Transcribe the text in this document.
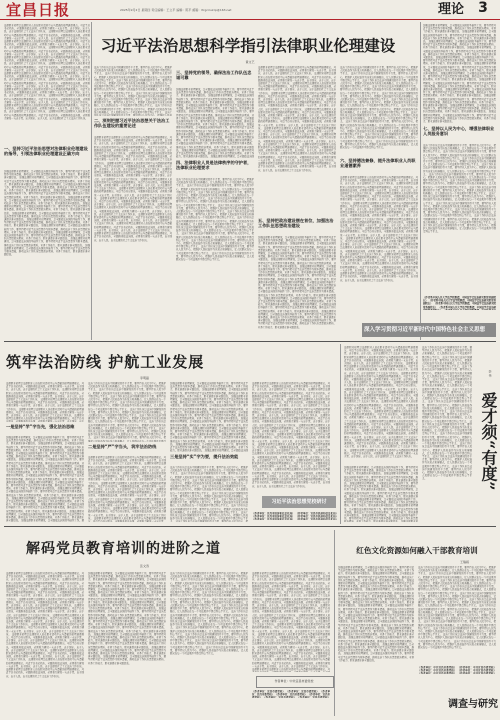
宜昌日报	2025年9月2日 星期四 责任编辑：王立平 编辑：陈平 邮箱：ltrgcriukrp@163.net	理论	3
法律职业伦理是法律职业人员在职业活动中应当遵循的伦理道德规范。习近平总书记指出，全面推进依法治国，必须着力建设一支忠于党、忠于国家、忠于人民、忠于法律的社会主义法治工作队伍。 法律职业伦理是法律职业人员在职业活动中应当遵循的伦理道德规范。习近平总书记指出，全面推进依法治国，必须着力建设一支忠于党、忠于国家、忠于人民、忠于法律的社会主义法治工作队伍。 法律职业伦理是法律职业人员在职业活动中应当遵循的伦理道德规范。习近平总书记指出，全面推进依法治国，必须着力建设一支忠于党、忠于国家、忠于人民、忠于法律的社会主义法治工作队伍。 法律职业伦理是法律职业人员在职业活动中应当遵循的伦理道德规范。习近平总书记指出，全面推进依法治国，必须着力建设一支忠于党、忠于国家、忠于人民、忠于法律的社会主义法治工作队伍。 法律职业伦理是法律职业人员在职业活动中应当遵循的伦理道德规范。习近平总书记指出，全面推进依法治国，必须着力建设一支忠于党、忠于国家、忠于人民、忠于法律的社会主义法治工作队伍。 法律职业伦理是法律职业人员在职业活动中应当遵循的伦理道德规范。习近平总书记指出，全面推进依法治国，必须着力建设一支忠于党、忠于国家、忠于人民、忠于法律的社会主义法治工作队伍。 法律职业伦理是法律职业人员在职业活动中应当遵循的伦理道德规范。习近平总书记指出，全面推进依法治国，必须着力建设一支忠于党、忠于国家、忠于人民、忠于法律的社会主义法治工作队伍。 法律职业伦理是法律职业人员在职业活动中应当遵循的伦理道德规范。习近平总书记指出，全面推进依法治国，必须着力建设一支忠于党、忠于国家、忠于人民、忠于法律的社会主义法治工作队伍。 法律职业伦理是法律职业人员在职业活动中应当遵循的伦理道德规范。习近平总书记指出，全面推进依法治国，必须着力建设一支忠于党、忠于国家、忠于人民、忠于法律的社会主义法治工作队伍。 法律职业伦理是法律职业人员在职业活动中应当遵循的伦理道德规范。习近平总书记指出，全面推进依法治国，必须着力建设一支忠于党、忠于国家、忠于人民、忠于法律的社会主义法治工作队伍。 法律职业伦理是法律职业人员在职业活动中应当遵循的伦理道德规范。习近平总书记指出，全面推进依法治国，必须着力建设一支忠于党、忠于国家、忠于人民、忠于法律的社会主义法治工作队伍。 法律职业伦理是法律职业人员在职业活动中应当遵循的伦理道德规范。习近平总书记指出，全面推进依法治国，必须着力建设一支忠于党、忠于国家、忠于人民、忠于法律的社会主义法治工作队伍。
一、坚持习近平法治思想对法律职业伦理建设的指导，引领法律职业伦理建设正确方向
加强法律职业伦理建设，是全面依法治国的基础性工作，要坚持把习近平法治思想作为根本遵循，推动法治工作队伍思想政治素质、业务工作能力、职业道德水准全面提高。 加强法律职业伦理建设，是全面依法治国的基础性工作，要坚持把习近平法治思想作为根本遵循，推动法治工作队伍思想政治素质、业务工作能力、职业道德水准全面提高。 加强法律职业伦理建设，是全面依法治国的基础性工作，要坚持把习近平法治思想作为根本遵循，推动法治工作队伍思想政治素质、业务工作能力、职业道德水准全面提高。 加强法律职业伦理建设，是全面依法治国的基础性工作，要坚持把习近平法治思想作为根本遵循，推动法治工作队伍思想政治素质、业务工作能力、职业道德水准全面提高。 加强法律职业伦理建设，是全面依法治国的基础性工作，要坚持把习近平法治思想作为根本遵循，推动法治工作队伍思想政治素质、业务工作能力、职业道德水准全面提高。 加强法律职业伦理建设，是全面依法治国的基础性工作，要坚持把习近平法治思想作为根本遵循，推动法治工作队伍思想政治素质、业务工作能力、职业道德水准全面提高。 加强法律职业伦理建设，是全面依法治国的基础性工作，要坚持把习近平法治思想作为根本遵循，推动法治工作队伍思想政治素质、业务工作能力、职业道德水准全面提高。 加强法律职业伦理建设，是全面依法治国的基础性工作，要坚持把习近平法治思想作为根本遵循，推动法治工作队伍思想政治素质、业务工作能力、职业道德水准全面提高。 加强法律职业伦理建设，是全面依法治国的基础性工作，要坚持把习近平法治思想作为根本遵循，推动法治工作队伍思想政治素质、业务工作能力、职业道德水准全面提高。 加强法律职业伦理建设，是全面依法治国的基础性工作，要坚持把习近平法治思想作为根本遵循，推动法治工作队伍思想政治素质、业务工作能力、职业道德水准全面提高。 加强法律职业伦理建设，是全面依法治国的基础性工作，要坚持把习近平法治思想作为根本遵循，推动法治工作队伍思想政治素质、业务工作能力、职业道德水准全面提高。 加强法律职业伦理建设，是全面依法治国的基础性工作，要坚持把习近平法治思想作为根本遵循，推动法治工作队伍思想政治素质、业务工作能力、职业道德水准全面提高。
习近平法治思想科学指引法律职业伦理建设
黄文艺
法治工作队伍是法治中国建设的骨干力量，要坚持以人民为中心，把维护人民权益作为出发点和落脚点，让人民群众在每一个司法案件中感受到公平正义。 法治工作队伍是法治中国建设的骨干力量，要坚持以人民为中心，把维护人民权益作为出发点和落脚点，让人民群众在每一个司法案件中感受到公平正义。 法治工作队伍是法治中国建设的骨干力量，要坚持以人民为中心，把维护人民权益作为出发点和落脚点，让人民群众在每一个司法案件中感受到公平正义。 法治工作队伍是法治中国建设的骨干力量，要坚持以人民为中心，把维护人民权益作为出发点和落脚点，让人民群众在每一个司法案件中感受到公平正义。 法治工作队伍是法治中国建设的骨干力量，要坚持以人民为中心，把维护人民权益作为出发点和落脚点，让人民群众在每一个司法案件中感受到公平正义。 法治工作队伍是法治中国建设的骨干力量，要坚持以人民为中心，把维护人民权益作为出发点和落脚点，让人民群众在每一个司法案件中感受到公平正义。 法治工作队伍是法治中国建设的骨干力量，要坚持以人民为中心，把维护人民权益作为出发点和落脚点，让人民群众在每一个司法案件中感受到公平正义。 法治工作队伍是法治中国建设的骨干力量，要坚持以人民为中心，把维护人民权
二、深刻把握习近平法治思想关于法治工作队伍建设的重要论述
法律职业伦理是法律职业人员在职业活动中应当遵循的伦理道德规范。习近平总书记指出，全面推进依法治国，必须着力建设一支忠于党、忠于国家、忠于人民、忠于法律的社会主义法治工作队伍。 法律职业伦理是法律职业人员在职业活动中应当遵循的伦理道德规范。习近平总书记指出，全面推进依法治国，必须着力建设一支忠于党、忠于国家、忠于人民、忠于法律的社会主义法治工作队伍。 法律职业伦理是法律职业人员在职业活动中应当遵循的伦理道德规范。习近平总书记指出，全面推进依法治国，必须着力建设一支忠于党、忠于国家、忠于人民、忠于法律的社会主义法治工作队伍。 法律职业伦理是法律职业人员在职业活动中应当遵循的伦理道德规范。习近平总书记指出，全面推进依法治国，必须着力建设一支忠于党、忠于国家、忠于人民、忠于法律的社会主义法治工作队伍。 法律职业伦理是法律职业人员在职业活动中应当遵循的伦理道德规范。习近平总书记指出，全面推进依法治国，必须着力建设一支忠于党、忠于国家、忠于人民、忠于法律的社会主义法治工作队伍。 法律职业伦理是法律职业人员在职业活动中应当遵循的伦理道德规范。习近平总书记指出，全面推进依法治国，必须着力建设一支忠于党、忠于国家、忠于人民、忠于法律的社会主义法治工作队伍。 法律职业伦理是法律职业人员在职业活动中应当遵循的伦理道德规范。习近平总书记指出，全面推进依法治国，必须着力建设一支忠于党、忠于国家、忠于人民、忠于法律的社会主义法治工作队伍。 法律职业伦理是法律职业人员在职业活动中应当遵循的伦理道德规范。习近平总书记指出，全面推进依法治国，必须着力建设一支忠于党、忠于国家、忠于人民、忠于法律的社会主义法治工作队伍。 法律职业伦理是法律职业人员在职业活动中应当遵循的伦理道德规范。习近平总书记指出，全面推进依法治国，必须着力建设一支忠于党、忠于国家、忠于人民、忠于法律的社会主义法治工作队伍。 法律职业伦理是法律职业人员在职业活动中应当遵循的伦理道德规范。习近平总书记指出，全面推进依法治国，必须着力建设一支忠于党、忠于国家、忠于人民、忠于法律的社会主义法治工作队伍。 法律职业伦理是法律职业人员在职业活动中应当遵循的伦理道德规范。习近平总书记指出，全面推进依法治国，必须着力建设一支忠于党、忠于国家、忠于人民、忠于法律的社会主义法治工作队伍。 法律职业伦理是法律职业人员在职业活动中应当遵循的伦理道德规范。习近平总书记指出，全面推进依法治国，必须着力建设一支忠于党、忠于国家、忠于人民、忠于法律的社会主义法治工作队伍。
三、坚持党的领导，确保法治工作队伍忠诚可靠
加强法律职业伦理建设，是全面依法治国的基础性工作，要坚持把习近平法治思想作为根本遵循，推动法治工作队伍思想政治素质、业务工作能力、职业道德水准全面提高。 加强法律职业伦理建设，是全面依法治国的基础性工作，要坚持把习近平法治思想作为根本遵循，推动法治工作队伍思想政治素质、业务工作能力、职业道德水准全面提高。 加强法律职业伦理建设，是全面依法治国的基础性工作，要坚持把习近平法治思想作为根本遵循，推动法治工作队伍思想政治素质、业务工作能力、职业道德水准全面提高。 加强法律职业伦理建设，是全面依法治国的基础性工作，要坚持把习近平法治思想作为根本遵循，推动法治工作队伍思想政治素质、业务工作能力、职业道德水准全面提高。 加强法律职业伦理建设，是全面依法治国的基础性工作，要坚持把习近平法治思想作为根本遵循，推动法治工作队伍思想政治素质、业务工作能力、职业道德水准全面提高。 加强法律职业伦理建设，是全面依法治国的基础性工作，要坚持把习近平法治思想作为根本遵循，推动法治工作队伍思想政治素质、业务工作能力、职业道德水准全面提高。 加强法律职业伦理建设，是全面依法治国的基础性工作，要坚持把习近平法治思想作为根本遵循，推动法治工作队伍思想政治素质、业务工作能力、职业道德水准全面提高。 加强法律职业伦理建设，是全面依法治国的基础性工作，要坚持把习近平法治思想作为根本遵循，推动法治工作队伍思想政治素质、业务工作能力、职业道德水准全面提高。 加强法律职业伦理建设，是全面依法治国的基础性工作，要坚持把习近平法治思想作为根本遵循，推动法治工作队伍思想政治素质、业务工作能力、职业道德水准全面提高。 加强法律职业伦理建设，是全面依法治国
四、法律职业人员是法律秩序的守护者，法律职业伦理要求
法治工作队伍是法治中国建设的骨干力量，要坚持以人民为中心，把维护人民权益作为出发点和落脚点，让人民群众在每一个司法案件中感受到公平正义。 法治工作队伍是法治中国建设的骨干力量，要坚持以人民为中心，把维护人民权益作为出发点和落脚点，让人民群众在每一个司法案件中感受到公平正义。 法治工作队伍是法治中国建设的骨干力量，要坚持以人民为中心，把维护人民权益作为出发点和落脚点，让人民群众在每一个司法案件中感受到公平正义。 法治工作队伍是法治中国建设的骨干力量，要坚持以人民为中心，把维护人民权益作为出发点和落脚点，让人民群众在每一个司法案件中感受到公平正义。 法治工作队伍是法治中国建设的骨干力量，要坚持以人民为中心，把维护人民权益作为出发点和落脚点，让人民群众在每一个司法案件中感受到公平正义。 法治工作队伍是法治中国建设的骨干力量，要坚持以人民为中心，把维护人民权益作为出发点和落脚点，让人民群众在每一个司法案件中感受到公平正义。 法治工作队伍是法治中国建设的骨干力量，要坚持以人民为中心，把维护人民权益作为出发点和落脚点，让人民群众在每一个司法案件中感受到公平正义。 法治工作队伍是法治中国建设的骨干力量，要坚持以人民为中心，把维护人民权益作为出发点和落脚点，让人民群众在每一个司法案件中感受到公平正义。 法治工作队伍是法治中国建设的骨干力量，要坚持以人民为中心，把维护人民权益作为出发点和落脚点，让人民群众在每一个司法案件中感受到公平正义。 法治工作队伍是法治中国建设的骨干力量，要坚持以人民为中心，把维护人民权益作为出发点和落脚点，让人民群众在每一个司法案件中感受到公平正义。 法治工作队伍是法治中国建设的骨干力量，要坚持以人民为中心，把维护人民权益作为出发点和落脚点，让人民群众在每一个司法案件中感受到公平正义。 法治工作队伍是法治中国建设的骨干力量，要坚持以人民为中心，把维护人民权益作为出发点和落脚点，让人民群众在每一个司法案件中感受到公平正义。
法律职业伦理是法律职业人员在职业活动中应当遵循的伦理道德规范。习近平总书记指出，全面推进依法治国，必须着力建设一支忠于党、忠于国家、忠于人民、忠于法律的社会主义法治工作队伍。 法律职业伦理是法律职业人员在职业活动中应当遵循的伦理道德规范。习近平总书记指出，全面推进依法治国，必须着力建设一支忠于党、忠于国家、忠于人民、忠于法律的社会主义法治工作队伍。 法律职业伦理是法律职业人员在职业活动中应当遵循的伦理道德规范。习近平总书记指出，全面推进依法治国，必须着力建设一支忠于党、忠于国家、忠于人民、忠于法律的社会主义法治工作队伍。 法律职业伦理是法律职业人员在职业活动中应当遵循的伦理道德规范。习近平总书记指出，全面推进依法治国，必须着力建设一支忠于党、忠于国家、忠于人民、忠于法律的社会主义法治工作队伍。 法律职业伦理是法律职业人员在职业活动中应当遵循的伦理道德规范。习近平总书记指出，全面推进依法治国，必须着力建设一支忠于党、忠于国家、忠于人民、忠于法律的社会主义法治工作队伍。 法律职业伦理是法律职业人员在职业活动中应当遵循的伦理道德规范。习近平总书记指出，全面推进依法治国，必须着力建设一支忠于党、忠于国家、忠于人民、忠于法律的社会主义法治工作队伍。 法律职业伦理是法律职业人员在职业活动中应当遵循的伦理道德规范。习近平总书记指出，全面推进依法治国，必须着力建设一支忠于党、忠于国家、忠于人民、忠于法律的社会主义法治工作队伍。 法律职业伦理是法律职业人员在职业活动中应当遵循的伦理道德规范。习近平总书记指出，全面推进依法治国，必须着力建设一支忠于党、忠于国家、忠于人民、忠于法律的社会主义法治工作队伍。 法律职业伦理是法律职业人员在职业活动中应当遵循的伦理道德规范。习近平总书记指出，全面推进依法治国，必须着力建设一支忠于党、忠于国家、忠于人民、忠于法律的社会主义法治工作队伍。 法律职业伦理是法律职业人员在职业活动中应当遵循的伦理道德规范。习近平总书记指出，全面推进依法治国，必须着力建设一支忠于党、忠于国家、忠于人民、忠于法律的社会主义法治工作队伍。 法律职业伦理是法律职业人员在职业活动中应当遵循的伦理道德规范。习近平总书记指出，全面推进依法治国，必须着力建设一支忠于党、忠于国家、忠于人民、忠于法律的社会主义法治工作队伍。 法律职业伦理是法律职业人员在职业活动中应当遵循的伦理道德规范。习近平总书记指出，全面推进依法治国，必须着力建设一支忠于党、忠于国家、忠于人民、忠于法律的社会主义法治工作队伍。
五、坚持把政治建设摆在首位，加强法治工作队伍思想政治建设
加强法律职业伦理建设，是全面依法治国的基础性工作，要坚持把习近平法治思想作为根本遵循，推动法治工作队伍思想政治素质、业务工作能力、职业道德水准全面提高。 加强法律职业伦理建设，是全面依法治国的基础性工作，要坚持把习近平法治思想作为根本遵循，推动法治工作队伍思想政治素质、业务工作能力、职业道德水准全面提高。 加强法律职业伦理建设，是全面依法治国的基础性工作，要坚持把习近平法治思想作为根本遵循，推动法治工作队伍思想政治素质、业务工作能力、职业道德水准全面提高。 加强法律职业伦理建设，是全面依法治国的基础性工作，要坚持把习近平法治思想作为根本遵循，推动法治工作队伍思想政治素质、业务工作能力、职业道德水准全面提高。 加强法律职业伦理建设，是全面依法治国的基础性工作，要坚持把习近平法治思想作为根本遵循，推动法治工作队伍思想政治素质、业务工作能力、职业道德水准全面提高。 加强法律职业伦理建设，是全面依法治国的基础性工作，要坚持把习近平法治思想作为根本遵循，推动法治工作队伍思想政治素质、业务工作能力、职业道德水准全面提高。 加强法律职业伦理建设，是全面依法治国的基础性工作，要坚持把习近平法治思想作为根本遵循，推动法治工作队伍思想政治素质、业务工作能力、职业道德水准全面提高。 加强法律职业伦理建设，是全面依法治国的基础性工作，要坚持把习近平法治思想作为根本遵循，推动法治工作队伍思想政治素质、业务工作能力、职业道德水准全面提高。 加强法律职业伦理建设，是全面依法治国的基础性工作，要坚持把习近平法治思想作为根本遵循，推动法治工作队伍思想政治素质、业务工作能力、职业道德水准全面提高。 加强法律职业伦理建设，是全面依法治国的基础性工作，要坚持把习近平法治思想作为根本遵循，推动法治工作队伍思想政治素质、业务工作能力、职业道德水准全面提高。 加强法律职业伦理建设，是全面依法治国的基础性工作，要坚持把习近平法治思想作为根本遵循，推动法治工作队伍思想政治素质、业务工作能力、职业道德水准全面提高。 加强法律职业伦理建设，是全面依法治国的基础性工作，要坚持把习近平法治思想作为根本遵循，推动法治工作队伍思想政治素质、业务工作能力、职业道德水准全面提高。
法治工作队伍是法治中国建设的骨干力量，要坚持以人民为中心，把维护人民权益作为出发点和落脚点，让人民群众在每一个司法案件中感受到公平正义。 法治工作队伍是法治中国建设的骨干力量，要坚持以人民为中心，把维护人民权益作为出发点和落脚点，让人民群众在每一个司法案件中感受到公平正义。 法治工作队伍是法治中国建设的骨干力量，要坚持以人民为中心，把维护人民权益作为出发点和落脚点，让人民群众在每一个司法案件中感受到公平正义。 法治工作队伍是法治中国建设的骨干力量，要坚持以人民为中心，把维护人民权益作为出发点和落脚点，让人民群众在每一个司法案件中感受到公平正义。 法治工作队伍是法治中国建设的骨干力量，要坚持以人民为中心，把维护人民权益作为出发点和落脚点，让人民群众在每一个司法案件中感受到公平正义。 法治工作队伍是法治中国建设的骨干力量，要坚持以人民为中心，把维护人民权益作为出发点和落脚点，让人民群众在每一个司法案件中感受到公平正义。 法治工作队伍是法治中国建设的骨干力量，要坚持以人民为中心，把维护人民权益作为出发点和落脚点，让人民群众在每一个司法案件中感受到公平正义。 法治工作队伍是法治中国建设的骨干力量，要坚持以人民为中心，把维护人民权益作为出发点和落脚点，让人民群众在每一个司法案件中感受到公平正义。 法治工作队伍是法治中国建设的骨干力量，要坚持以人民为中心，把维护人民权益作为出发点和落脚点，让人民群众在每一个司法案件中感受到公平正义。 法治工作队伍是法治中国建设的骨干力量，要坚持以人民为中心，把维护人民权益作为出发点和落脚点，让人民群众在每一个司法案件中感受到公平正义。 法治工作队伍是法治中国建设的骨干力量，要坚持以人民为中心，把维护人民权益作为出发点和落脚点，让人民群众在每一个司法案件中感受到公平正义。 法治工作队伍是法治中国建设的骨干力量，要坚持以人民为中心，把维护人民权益作为出发点和落脚点，让人民群众在每一个司法案件中感受到公平正义。
六、坚持德法兼修，提升法律职业人员职业道德素养
法律职业伦理是法律职业人员在职业活动中应当遵循的伦理道德规范。习近平总书记指出，全面推进依法治国，必须着力建设一支忠于党、忠于国家、忠于人民、忠于法律的社会主义法治工作队伍。 法律职业伦理是法律职业人员在职业活动中应当遵循的伦理道德规范。习近平总书记指出，全面推进依法治国，必须着力建设一支忠于党、忠于国家、忠于人民、忠于法律的社会主义法治工作队伍。 法律职业伦理是法律职业人员在职业活动中应当遵循的伦理道德规范。习近平总书记指出，全面推进依法治国，必须着力建设一支忠于党、忠于国家、忠于人民、忠于法律的社会主义法治工作队伍。 法律职业伦理是法律职业人员在职业活动中应当遵循的伦理道德规范。习近平总书记指出，全面推进依法治国，必须着力建设一支忠于党、忠于国家、忠于人民、忠于法律的社会主义法治工作队伍。 法律职业伦理是法律职业人员在职业活动中应当遵循的伦理道德规范。习近平总书记指出，全面推进依法治国，必须着力建设一支忠于党、忠于国家、忠于人民、忠于法律的社会主义法治工作队伍。 法律职业伦理是法律职业人员在职业活动中应当遵循的伦理道德规范。习近平总书记指出，全面推进依法治国，必须着力建设一支忠于党、忠于国家、忠于人民、忠于法律的社会主义法治工作队伍。 法律职业伦理是法律职业人员在职业活动中应当遵循的伦理道德规范。习近平总书记指出，全面推进依法治国，必须着力建设一支忠于党、忠于国家、忠于人民、忠于法律的社会主义法治工作队伍。 法律职业伦理是法律职业人员在职业活动中应当遵循的伦理道德规范。习近平总书记指出，全面推进依法治国，必须着力建设一支忠于党、忠于国家、忠于人民、忠于法律的社会主义法治工作队伍。 法律职业伦理是法律职业人员在职业活动中应当遵循的伦理道德规范。习近平总书记指出，全面推进依法治国，必须着力建设一支忠于党、忠于国家、忠于人民、忠于法律的社会主义法治工作队伍。 法律职业伦理是法律职业人员在职业活动中应当遵循的伦理道德规范。习近平总书记指出，全面推进依法治国，必须着力建设一支忠于党、忠于国家、忠于人民、忠于法律的社会主义法治工作队伍。 法律职业伦理是法律职业人员在职业活动中应当遵循的伦理道德规范。习近平总书记指出，全面推进依法治国，必须着力建设一支忠于党、忠于国家、忠于人民、忠于法律的社会主义法治工作队伍。 法律职业伦理是法律职业人员在职业活动中应当遵循的伦理道德规范。习近平总书记指出，全面推进依法治国，必须着力建设一支忠于党、忠于国家、忠于人民、忠于法律的社会主义法治工作队伍。
加强法律职业伦理建设，是全面依法治国的基础性工作，要坚持把习近平法治思想作为根本遵循，推动法治工作队伍思想政治素质、业务工作能力、职业道德水准全面提高。 加强法律职业伦理建设，是全面依法治国的基础性工作，要坚持把习近平法治思想作为根本遵循，推动法治工作队伍思想政治素质、业务工作能力、职业道德水准全面提高。 加强法律职业伦理建设，是全面依法治国的基础性工作，要坚持把习近平法治思想作为根本遵循，推动法治工作队伍思想政治素质、业务工作能力、职业道德水准全面提高。 加强法律职业伦理建设，是全面依法治国的基础性工作，要坚持把习近平法治思想作为根本遵循，推动法治工作队伍思想政治素质、业务工作能力、职业道德水准全面提高。 加强法律职业伦理建设，是全面依法治国的基础性工作，要坚持把习近平法治思想作为根本遵循，推动法治工作队伍思想政治素质、业务工作能力、职业道德水准全面提高。 加强法律职业伦理建设，是全面依法治国的基础性工作，要坚持把习近平法治思想作为根本遵循，推动法治工作队伍思想政治素质、业务工作能力、职业道德水准全面提高。 加强法律职业伦理建设，是全面依法治国的基础性工作，要坚持把习近平法治思想作为根本遵循，推动法治工作队伍思想政治素质、业务工作能力、职业道德水准全面提高。 加强法律职业伦理建设，是全面依法治国的基础性工作，要坚持把习近平法治思想作为根本遵循，推动法治工作队伍思想政治素质、业务工作能力、职业道德水准全面提高。 加强法律职业伦理建设，是全面依法治国的基础性工作，要坚持把习近平法治思想作为根本遵循，推动法治工作队伍思想政治素质、业务工作能力、职业道德水准全面提高。 加强法律职业伦理建设，是全面依法治国的基础性工作，要坚持把习近平法治思想作为根本遵循，推动法治工作队伍思想政治素质、业务工作能力、职业道德水准全面提高。 加强法律职业伦理建设，是全面依法治国的基础性工作，要坚持把习近平法治思想作为根本遵循，推动法治工作队伍思想政治素质、业务工作能力、职业道德水准全面提高。 加强法律职业伦理建设，是全面依法治国的基础性工作，要坚持把习近平法治思想作为根本遵循，推动法治工作队伍思想政治素质、业务工作能力、职业道德水准全面提高。
七、坚持以人民为中心，增强法律职业人员服务意识
法治工作队伍是法治中国建设的骨干力量，要坚持以人民为中心，把维护人民权益作为出发点和落脚点，让人民群众在每一个司法案件中感受到公平正义。 法治工作队伍是法治中国建设的骨干力量，要坚持以人民为中心，把维护人民权益作为出发点和落脚点，让人民群众在每一个司法案件中感受到公平正义。 法治工作队伍是法治中国建设的骨干力量，要坚持以人民为中心，把维护人民权益作为出发点和落脚点，让人民群众在每一个司法案件中感受到公平正义。 法治工作队伍是法治中国建设的骨干力量，要坚持以人民为中心，把维护人民权益作为出发点和落脚点，让人民群众在每一个司法案件中感受到公平正义。 法治工作队伍是法治中国建设的骨干力量，要坚持以人民为中心，把维护人民权益作为出发点和落脚点，让人民群众在每一个司法案件中感受到公平正义。 法治工作队伍是法治中国建设的骨干力量，要坚持以人民为中心，把维护人民权益作为出发点和落脚点，让人民群众在每一个司法案件中感受到公平正义。 法治工作队伍是法治中国建设的骨干力量，要坚持以人民为中心，把维护人民权益作为出发点和落脚点，让人民群众在每一个司法案件中感受到公平正义。 法治工作队伍是法治中国建设的骨干力量，要坚持以人民为中心，把维护人民权益作为出发点和落脚点，让人民群众在每一个司法案件中感受到公平正义。 法治工作队伍是法治中国建设的骨干力量，要坚持以人民为中心，把维护人民权益作为出发点和落脚点，让人民群众在每一个司法案件中感受到公平正义。 法治工作队伍是法治中国建设的骨干力量，要坚持以人民为中心，把维护人民权益作为出发点和落脚点，让人民群众在每一个司法案件中感受到公平正义。 法治工作队伍是法治中国建设的骨干力量，要坚持以人民为中心，把维护人民权益作为出发点和落脚点，让人民群众在每一个司法案件中感受到公平正义。 法治工作队伍是法治中国建设的骨干力量，要坚持以人民为中心，把维护人民权益作为出发点和落脚点，让人民群众在每一个司法案件中感受到公平正义。
（作者系中国人民大学法学院教授，中国法学会法治研究院常务副院长） （作者系中国人民大学法学院教授，中国法学会法治研究院常务副院长） （作者系中国人民大学法学院教授，中国法学会法治研究院常务副院长） （作者系中国人民大学法学院教授，中国法学会法治研
深入学习贯彻习近平新时代中国特色社会主义思想
筑牢法治防线 护航工业发展
李明磊
法律职业伦理是法律职业人员在职业活动中应当遵循的伦理道德规范。习近平总书记指出，全面推进依法治国，必须着力建设一支忠于党、忠于国家、忠于人民、忠于法律的社会主义法治工作队伍。 法律职业伦理是法律职业人员在职业活动中应当遵循的伦理道德规范。习近平总书记指出，全面推进依法治国，必须着力建设一支忠于党、忠于国家、忠于人民、忠于法律的社会主义法治工作队伍。 法律职业伦理是法律职业人员在职业活动中应当遵循的伦理道德规范。习近平总书记指出，全面推进依法治国，必须着力建设一支忠于党、忠于国家、忠于人民、忠于法律的社会主义法治工作队伍。 法律职业伦理是法律职业人员在职业活动中应当遵循的伦理道德规范。习近平总书记指出，全面推进依法治国，必须着力建设一支忠于党、忠于国家、忠于人民、忠于法律的社会主义法治工作队伍。 法律职业伦理是法律职业人员在职业活动中应当遵循的伦理道德规范。习近平总书记指出，全面推进依法治国，必须着力建设一支忠于党、忠于国家、忠于
一是坚持“学”字当先，强化法治思维
加强法律职业伦理建设，是全面依法治国的基础性工作，要坚持把习近平法治思想作为根本遵循，推动法治工作队伍思想政治素质、业务工作能力、职业道德水准全面提高。 加强法律职业伦理建设，是全面依法治国的基础性工作，要坚持把习近平法治思想作为根本遵循，推动法治工作队伍思想政治素质、业务工作能力、职业道德水准全面提高。 加强法律职业伦理建设，是全面依法治国的基础性工作，要坚持把习近平法治思想作为根本遵循，推动法治工作队伍思想政治素质、业务工作能力、职业道德水准全面提高。 加强法律职业伦理建设，是全面依法治国的基础性工作，要坚持把习近平法治思想作为根本遵循，推动法治工作队伍思想政治素质、业务工作能力、职业道德水准全面提高。 加强法律职业伦理建设，是全面依法治国的基础性工作，要坚持把习近平法治思想作为根本遵循，推动法治工作队伍思想政治素质、业务工作能力、职业道德水准全面提高。 加强法律职业伦理建设，是全面依法治国的基础性工作，要坚持把习近平法治思想作为根本遵循，推动法治工作队伍思想政治素质、业务工作能力、职业道德水准全面提高。 加强法律职业伦理建设，是全面依法治国的基础性工作，要坚持把习近平法治思想作为根本遵循，推动法治工作队伍思想政治素质、业务工作能力、职业道德水准全面提高。 加强法律职业伦理建设，是全面依法治国的基础性工作，要坚持把习近平法治思想作为根本遵循，推动法治工作队伍思想政治素质、业务工作能力、职业道德水准全面提高。 加强法律职业伦理建设，是全面依法治国的基础性工作，要坚持把习近平法治思想作为根本遵循，推动法治工作队伍思想政治素质、业务工作能力、职业道德水准全面提高。 加强法律职业伦理建设，是全面依法治国的基础性工作，要坚持把习近平法治思想作为根本遵循，推动法治工作队伍思想政治素质、业务工作能力、职业道德水准全面提高。 加强法律职业伦理建设，是全面依法治国的基础性工作，要坚持把习近平法治思想作为根本遵循，推动法治工作队伍思想政治素质、业务工作能力、职业道德水准全面提高。 加强法律职业伦理建设，是全面依法治国的基础性工作，要
法治工作队伍是法治中国建设的骨干力量，要坚持以人民为中心，把维护人民权益作为出发点和落脚点，让人民群众在每一个司法案件中感受到公平正义。 法治工作队伍是法治中国建设的骨干力量，要坚持以人民为中心，把维护人民权益作为出发点和落脚点，让人民群众在每一个司法案件中感受到公平正义。 法治工作队伍是法治中国建设的骨干力量，要坚持以人民为中心，把维护人民权益作为出发点和落脚点，让人民群众在每一个司法案件中感受到公平正义。 法治工作队伍是法治中国建设的骨干力量，要坚持以人民为中心，把维护人民权益作为出发点和落脚点，让人民群众在每一个司法案件中感受到公平正义。 法治工作队伍是法治中国建设的骨干力量，要坚持以人民为中心，把维护人民权益作为出发点和落脚点，让人民群众在每一个司法案件中感受到公平正义。 法治工作队伍是法治中国建设的骨干力量，要坚持以人民为中心，把维护人民权益作为出发点和落脚点，让人民群众在每一个司法案件中感受到公平正义。 法治工作队伍是法治中国建设的骨干力量，要坚持以人民为中心，把维护人民权益作为出发点和落脚点，让人民群众在每一个司法案件中感受到公平正义。 法治工作队伍是法治中国建设的骨干力量，要坚持以人民为中心，把维护人民权益作为出发点和落脚点，让人民群众在每一个司法案件中感受到公平正义。 法治工作队伍是法治中国建设的骨干力量，要坚持以人民为中心，把维护人民权益作为出发点和落脚点，让人民群众在每一个司法案件中感受
二是坚持“严”字当头，筑牢法治防线
法律职业伦理是法律职业人员在职业活动中应当遵循的伦理道德规范。习近平总书记指出，全面推进依法治国，必须着力建设一支忠于党、忠于国家、忠于人民、忠于法律的社会主义法治工作队伍。 法律职业伦理是法律职业人员在职业活动中应当遵循的伦理道德规范。习近平总书记指出，全面推进依法治国，必须着力建设一支忠于党、忠于国家、忠于人民、忠于法律的社会主义法治工作队伍。 法律职业伦理是法律职业人员在职业活动中应当遵循的伦理道德规范。习近平总书记指出，全面推进依法治国，必须着力建设一支忠于党、忠于国家、忠于人民、忠于法律的社会主义法治工作队伍。 法律职业伦理是法律职业人员在职业活动中应当遵循的伦理道德规范。习近平总书记指出，全面推进依法治国，必须着力建设一支忠于党、忠于国家、忠于人民、忠于法律的社会主义法治工作队伍。 法律职业伦理是法律职业人员在职业活动中应当遵循的伦理道德规范。习近平总书记指出，全面推进依法治国，必须着力建设一支忠于党、忠于国家、忠于人民、忠于法律的社会主义法治工作队伍。 法律职业伦理是法律职业人员在职业活动中应当遵循的伦理道德规范。习近平总书记指出，全面推进依法治国，必须着力建设一支忠于党、忠于国家、忠于人民、忠于法律的社会主义法治工作队伍。 法律职业伦理是法律职业人员在职业活动中应当遵循的伦理道德规范。习近平总书记指出，全面推进依法治国，必须着力建设一支忠于党、忠于国家、忠于人民、忠于法律的社会主义法治工作队伍。 法律职业伦理是法律职业人员在职业活动中应当遵循的伦理道德规范。习近平总书记指出，全面推进依法治国，必须着力建设一支忠于党、
加强法律职业伦理建设，是全面依法治国的基础性工作，要坚持把习近平法治思想作为根本遵循，推动法治工作队伍思想政治素质、业务工作能力、职业道德水准全面提高。 加强法律职业伦理建设，是全面依法治国的基础性工作，要坚持把习近平法治思想作为根本遵循，推动法治工作队伍思想政治素质、业务工作能力、职业道德水准全面提高。 加强法律职业伦理建设，是全面依法治国的基础性工作，要坚持把习近平法治思想作为根本遵循，推动法治工作队伍思想政治素质、业务工作能力、职业道德水准全面提高。 加强法律职业伦理建设，是全面依法治国的基础性工作，要坚持把习近平法治思想作为根本遵循，推动法治工作队伍思想政治素质、业务工作能力、职业道德水准全面提高。 加强法律职业伦理建设，是全面依法治国的基础性工作，要坚持把习近平法治思想作为根本遵循，推动法治工作队伍思想政治素质、业务工作能力、职业道德水准全面提高。 加强法律职业伦理建设，是全面依法治国的基础性工作，要坚持把习近平法治思想作为根本遵循，推动法治工作队伍思想政治素质、业务工作能力、职业道德水准全面提高。 加强法律职业伦理建设，是全面依法治国的基础性工作，要坚持把习近平法治思想作为根本遵循，推动法治工作队伍思想政治素质、业务工作能力、职业道德水准全面提高。 加强法律职业伦理建设，是全面依法治国的基础性工作，要坚持把习近平法治思想作为根本遵循，推动法治工作队伍思想政治素质、业务工作能力、职业道德水准全面提高。 加强法律职业伦理建设，是全面依法治国的基础性工作，要坚持把习近平法治思想作为根本遵循，推动法治工作队伍思想政治素质、业务工作能力、职业道德水准全面提高。 加强法律职业伦理建设，是全面依法治国
三是坚持“实”字为要，提升法治效能
法治工作队伍是法治中国建设的骨干力量，要坚持以人民为中心，把维护人民权益作为出发点和落脚点，让人民群众在每一个司法案件中感受到公平正义。 法治工作队伍是法治中国建设的骨干力量，要坚持以人民为中心，把维护人民权益作为出发点和落脚点，让人民群众在每一个司法案件中感受到公平正义。 法治工作队伍是法治中国建设的骨干力量，要坚持以人民为中心，把维护人民权益作为出发点和落脚点，让人民群众在每一个司法案件中感受到公平正义。 法治工作队伍是法治中国建设的骨干力量，要坚持以人民为中心，把维护人民权益作为出发点和落脚点，让人民群众在每一个司法案件中感受到公平正义。 法治工作队伍是法治中国建设的骨干力量，要坚持以人民为中心，把维护人民权益作为出发点和落脚点，让人民群众在每一个司法案件中感受到公平正义。 法治工作队伍是法治中国建设的骨干力量，要坚持以人民为中心，把维护人民权益作为出发点和落脚点，让人民群众在每一个司法案件中感受到公平正义。 法治工作队伍是法治中国建设的骨干力量，要坚持以人民为中心，把维护人民权益作为出发点和落脚点，让人民群众在每一个司法案件中感受到公平正义。 法治工作队伍是法治中国建设的骨干力量，要坚持以人民为中心，把维护人民权益作为出发点和落脚点，让人民群众在每一个司法案件中感受到公平正义。 法治工作队伍是法治中国建设的骨干力量，要坚持以人民为中心，把
法律职业伦理是法律职业人员在职业活动中应当遵循的伦理道德规范。习近平总书记指出，全面推进依法治国，必须着力建设一支忠于党、忠于国家、忠于人民、忠于法律的社会主义法治工作队伍。 法律职业伦理是法律职业人员在职业活动中应当遵循的伦理道德规范。习近平总书记指出，全面推进依法治国，必须着力建设一支忠于党、忠于国家、忠于人民、忠于法律的社会主义法治工作队伍。 法律职业伦理是法律职业人员在职业活动中应当遵循的伦理道德规范。习近平总书记指出，全面推进依法治国，必须着力建设一支忠于党、忠于国家、忠于人民、忠于法律的社会主义法治工作队伍。 法律职业伦理是法律职业人员在职业活动中应当遵循的伦理道德规范。习近平总书记指出，全面推进依法治国，必须着力建设一支忠于党、忠于国家、忠于人民、忠于法律的社会主义法治工作队伍。 法律职业伦理是法律职业人员在职业活动中应当遵循的伦理道德规范。习近平总书记指出，全面推进依法治国，必须着力建设一支忠于党、忠于国家、忠于人民、忠于法律的社会主义法治工作队伍。 法律职业伦理是法律职业人员在职业活动中应当遵循的伦理道德规范。习近平总书记指出，全面推进依法治国，必须着力建设一支忠于党、忠于国家、忠于人民、忠于法律的社会主义法治工作队伍。 法律职业伦理是法律职业人员在职业活动中应当遵循的伦理道德规范。习近平总书记指出，全面推进依法治国，必须着力建设一支忠于党、忠于国家、忠于人民、忠于法律的社会主义法治工作队伍。 法律职业伦理是法律职业人员在职业活动中应当遵循的伦理道德规范。习近平总书记指出，全面推进依法治国，必须着力建设一支忠于党、忠于国家、忠于人民、忠于法律的社会主义法治工作队伍。 法律职业伦理是法律职业人员在职业活动中应当遵循的伦理道德规范。习近平总书记指出，全面推进依法治国，必须着力建设一支忠于党、忠于国家、忠于人民、忠于法律的社会主义法治工作队伍。 法律职业伦理是法律职业人员在职业活动中应当遵循的伦理道德规范。习近平总书记指出，全面推进依法治国，必须着力建设一支忠于党、忠于国家、忠于人民、忠于法律的社会主义法治工作队伍。 法律职业伦理是法律职业人员在职业活动中应当遵循的伦理道德规范。习近平总书记指出，全面推进依法治国，必须着力建设一支忠于党、忠于国家、忠于人民、忠于法律的社会主义法治工作队伍。 法律职业伦理是法律职业人员在职业活动中应当遵循的伦理道德规范。习近平总书记指出，全面推进依法治国，必须着力建设一支忠于党、忠于国家、忠于人民、忠于法律的社会主义法治工作队伍。
习近平法治思想党校研讨
（作者单位：宜昌市经济和信息化局） （作者单位：宜昌市经济和信息化局） （作者单位：宜昌市经济和信息化局） （作者单位：宜昌市经济和信息化局） （作者单位：宜昌市经济和信息化局） （作者单位：宜昌市经济和信息化局）
法律职业伦理是法律职业人员在职业活动中应当遵循的伦理道德规范。习近平总书记指出，全面推进依法治国，必须着力建设一支忠于党、忠于国家、忠于人民、忠于法律的社会主义法治工作队伍。 法律职业伦理是法律职业人员在职业活动中应当遵循的伦理道德规范。习近平总书记指出，全面推进依法治国，必须着力建设一支忠于党、忠于国家、忠于人民、忠于法律的社会主义法治工作队伍。 法律职业伦理是法律职业人员在职业活动中应当遵循的伦理道德规范。习近平总书记指出，全面推进依法治国，必须着力建设一支忠于党、忠于国家、忠于人民、忠于法律的社会主义法治工作队伍。 法律职业伦理是法律职业人员在职业活动中应当遵循的伦理道德规范。习近平总书记指出，全面推进依法治国，必须着力建设一支忠于党、忠于国家、忠于人民、忠于法律的社会主义法治工作队伍。 法律职业伦理是法律职业人员在职业活动中应当遵循的伦理道德规范。习近平总书记指出，全面推进依法治国，必须着力建设一支忠于党、忠于国家、忠于人民、忠于法律的社会主义法治工作队伍。 法律职业伦理是法律职业人员在职业活动中应当遵循的伦理道德规范。习近平总书记指出，全面推进依法治国，必须着力建设一支忠于党、忠于国家、忠于人民、忠于法律的社会主义法治工作队伍。 法律职业伦理是法律职业人员在职业活动中应当遵循的伦理道德规范。习近平总书记指出，全面推进依法治国，必须着力建设一支忠于党、忠于国家、忠于人民、忠于法律的社会主义法治工作队伍。 法律职业伦理是法律职业人员在职业活动中应当遵循的伦理道德规范。习近平总书记指出，全面推进依法治国，必须着力建设一支忠于党、忠于国家、忠于人民、忠于法律的社会主义法治工作队伍。 法律职业伦理是法律职业人员在职业活动中应当遵循的伦理道德规范。习近平总书记指出，全面推进依法治国，必须着力建设一支忠于党、忠于国家、忠于人民、忠于法律的社会主义法治工作队伍。 法律职业伦理是法律职业人员在职业活动中应当遵循的伦理道德规范。习近平总书记指出，全面推进依法治国，必须着力建设一支忠于党、忠于国家、忠于人民、忠于法律的社会主义法治工作队伍。 法律职业伦理是法律职业人员在职业活动中应当遵循的伦理道德规范。习近平总书记指出，全面推进依法治国，必须着力建设一支忠于党、忠于国家、忠于人民、忠于法律的社会主义法治工作队伍。 法律职业伦理是法律职业人员在职业活动中应当遵循的伦理道德规范。习近平总书记指出，全面推进依法治国，必须着力建设一支忠于党、忠于国家、忠于人民、忠于法律的社会主义法治工作队伍。
加强法律职业伦理建设，是全面依法治国的基础性工作，要坚持把习近平法治思想作为根本遵循，推动法治工作队伍思想政治素质、业务工作能力、职业道德水准全面提高。 加强法律职业伦理建设，是全面依法治国的基础性工作，要坚持把习近平法治思想作为根本遵循，推动法治工作队伍思想政治素质、业务工作能力、职业道德水准全面提高。 加强法律职业伦理建设，是全面依法治国的基础性工作，要坚持把习近平法治思想作为根本遵循，推动法治工作队伍思想政治素质、业务工作能力、职业道德水准全面提高。 加强法律职业伦理建设，是全面依法治国的基础性工作，要坚持把习近平法治思想作为根本遵循，推动法治工作队伍思想政治素质、业务工作能力、职业道德水准全面提高。 加强法律职业伦理建设，是全面依法治国的基础性工作，要坚持把习近平法治思想作为根本遵循，推动法治工作队伍思想政治素质、业务工作能力、职业道德水准全面提高。 加强法律职业伦理建设，是全面依法治国的基础性工作，要坚持把习近平法治思想作为根本遵循，推动法治工作队伍思想政治素质、业务工作能力、职业道德水准全面提高。 加强法律职业伦理建设，是全面依法治国的基础性工作，要坚持把习近平法治思想作为根本遵循，推动法治工作队伍思想政治素质、业务工作能力、职业道德水准全面提高。 加强法律职业伦
法治工作队伍是法治中国建设的骨干力量，要坚持以人民为中心，把维护人民权益作为出发点和落脚点，让人民群众在每一个司法案件中感受到公平正义。 法治工作队伍是法治中国建设的骨干力量，要坚持以人民为中心，把维护人民权益作为出发点和落脚点，让人民群众在每一个司法案件中感受到公平正义。 法治工作队伍是法治中国建设的骨干力量，要坚持以人民为中心，把维护人民权益作为出发点和落脚点，让人民群众在每一个司法案件中感受到公平正义。 法治工作队伍是法治中国建设的骨干力量，要坚持以人民为中心，把维护人民权益作为出发点和落脚点，让人民群众在每一个司法案件中感受到公平正义。 法治工作队伍是法治中国建设的骨干力量，要坚持以人民为中心，把维护人民权益作为出发点和落脚点，让人民群众在每一个司法案件中感受到公平正义。 法治工作队伍是法治中国建设的骨干力量，要坚持以人民为中心，把维护人民权益作为出发点和落脚点，让人民群众在每一个司法案件中感受到公平正义。 法治工作队伍是法治中国建设的骨干力量，要坚持以人民为中心，把维护人民权益作为出发点和落脚点，让人民群众在每一个司法案件中感受到公平正义。 法治工作队伍是法治中国建设的骨干力量，要坚持以人民为中心，把维护人民权益作为出发点和落脚点，让人民群众在每一个司法案件中感受到公平正义。 法治工作队伍是法治中国建设的骨干力量，要坚持以人民为中心，把维护人民权益作为出发点和落脚点，让人民群众在每一个司法案件中感受到公平正义。 法治工作队伍是法治中国建设的骨干力量，要坚持以人民为中心，把维护人民权益作为出发点和落脚点，让人民群众在每一个司法案件中感受到公平正义。 法治工作队伍是法治中国建设的骨干力量，要坚持以人民为中心，把维护人民权益作为出发点和落脚点，让人民群众在每一个司法案件中感受到公平正义。 法治工作队伍是法治中国建设的骨干力量，要坚持以人民为中心，把维护人民权益作为出发点和落脚点，让人民群众在每一个司法案件中感受到公平正义。	爱才须“有度”
李 伟
解码党员教育培训的进阶之道
张文涛
法律职业伦理是法律职业人员在职业活动中应当遵循的伦理道德规范。习近平总书记指出，全面推进依法治国，必须着力建设一支忠于党、忠于国家、忠于人民、忠于法律的社会主义法治工作队伍。 法律职业伦理是法律职业人员在职业活动中应当遵循的伦理道德规范。习近平总书记指出，全面推进依法治国，必须着力建设一支忠于党、忠于国家、忠于人民、忠于法律的社会主义法治工作队伍。 法律职业伦理是法律职业人员在职业活动中应当遵循的伦理道德规范。习近平总书记指出，全面推进依法治国，必须着力建设一支忠于党、忠于国家、忠于人民、忠于法律的社会主义法治工作队伍。 法律职业伦理是法律职业人员在职业活动中应当遵循的伦理道德规范。习近平总书记指出，全面推进依法治国，必须着力建设一支忠于党、忠于国家、忠于人民、忠于法律的社会主义法治工作队伍。 法律职业伦理是法律职业人员在职业活动中应当遵循的伦理道德规范。习近平总书记指出，全面推进依法治国，必须着力建设一支忠于党、忠于国家、忠于人民、忠于法律的社会主义法治工作队伍。 法律职业伦理是法律职业人员在职业活动中应当遵循的伦理道德规范。习近平总书记指出，全面推进依法治国，必须着力建设一支忠于党、忠于国家、忠于人民、忠于法律的社会主义法治工作队伍。 法律职业伦理是法律职业人员在职业活动中应当遵循的伦理道德规范。习近平总书记指出，全面推进依法治国，必须着力建设一支忠于党、忠于国家、忠于人民、忠于法律的社会主义法治工作队伍。 法律职业伦理是法律职业人员在职业活动中应当遵循的伦理道德规范。习近平总书记指出，全面推进依法治国，必须着力建设一支忠于党、忠于国家、忠于人民、忠于法律的社会主义法治工作队伍。 法律职业伦理是法律职业人员在职业活动中应当遵循的伦理道德规范。习近平总书记指出，全面推进依法治国，必须着力建设一支忠于党、忠于国家、忠于人民、忠于法律的社会主义法治工作队伍。 法律职业伦理是法律职业人员在职业活动中应当遵循的伦理道德规范。习近平总书记指出，全面推进依法治国，必须着力建设一支忠于党、忠于国家、忠于人民、忠于法律的社会主义法治工作队伍。 法律职业伦理是法律职业人员在职业活动中应当遵循的伦理道德规范。习近平总书记指出，全面推进依法治国，必须着力建设一支忠于党、忠于国家、忠于人民、忠于法律的社会主义法治工作队伍。 法律职业伦理是法律职业人员在职业活动中应当遵循的伦理道德规范。习近平总书记指出，全面推进依法治国，必须着力建设一支忠于党、忠于国家、忠于人民、忠于法律的社会主义法治工作队伍。
加强法律职业伦理建设，是全面依法治国的基础性工作，要坚持把习近平法治思想作为根本遵循，推动法治工作队伍思想政治素质、业务工作能力、职业道德水准全面提高。 加强法律职业伦理建设，是全面依法治国的基础性工作，要坚持把习近平法治思想作为根本遵循，推动法治工作队伍思想政治素质、业务工作能力、职业道德水准全面提高。 加强法律职业伦理建设，是全面依法治国的基础性工作，要坚持把习近平法治思想作为根本遵循，推动法治工作队伍思想政治素质、业务工作能力、职业道德水准全面提高。 加强法律职业伦理建设，是全面依法治国的基础性工作，要坚持把习近平法治思想作为根本遵循，推动法治工作队伍思想政治素质、业务工作能力、职业道德水准全面提高。 加强法律职业伦理建设，是全面依法治国的基础性工作，要坚持把习近平法治思想作为根本遵循，推动法治工作队伍思想政治素质、业务工作能力、职业道德水准全面提高。 加强法律职业伦理建设，是全面依法治国的基础性工作，要坚持把习近平法治思想作为根本遵循，推动法治工作队伍思想政治素质、业务工作能力、职业道德水准全面提高。 加强法律职业伦理建设，是全面依法治国的基础性工作，要坚持把习近平法治思想作为根本遵循，推动法治工作队伍思想政治素质、业务工作能力、职业道德水准全面提高。 加强法律职业伦理建设，是全面依法治国的基础性工作，要坚持把习近平法治思想作为根本遵循，推动法治工作队伍思想政治素质、业务工作能力、职业道德水准全面提高。 加强法律职业伦理建设，是全面依法治国的基础性工作，要坚持把习近平法治思想作为根本遵循，推动法治工作队伍思想政治素质、业务工作能力、职业道德水准全面提高。 加强法律职业伦理建设，是全面依法治国的基础性工作，要坚持把习近平法治思想作为根本遵循，推动法治工作队伍思想政治素质、业务工作能力、职业道德水准全面提高。 加强法律职业伦理建设，是全面依法治国的基础性工作，要坚持把习近平法治思想作为根本遵循，推动法治工作队伍思想政治素质、业务工作能力、职业道德水准全面提高。 加强法律职业伦理建设，是全面依法治国的基础性工作，要坚持把习近平法治思想作为根本遵循，推动法治工作队伍思想政治素质、业务工作能力、职业道德水准全面提高。
法治工作队伍是法治中国建设的骨干力量，要坚持以人民为中心，把维护人民权益作为出发点和落脚点，让人民群众在每一个司法案件中感受到公平正义。 法治工作队伍是法治中国建设的骨干力量，要坚持以人民为中心，把维护人民权益作为出发点和落脚点，让人民群众在每一个司法案件中感受到公平正义。 法治工作队伍是法治中国建设的骨干力量，要坚持以人民为中心，把维护人民权益作为出发点和落脚点，让人民群众在每一个司法案件中感受到公平正义。 法治工作队伍是法治中国建设的骨干力量，要坚持以人民为中心，把维护人民权益作为出发点和落脚点，让人民群众在每一个司法案件中感受到公平正义。 法治工作队伍是法治中国建设的骨干力量，要坚持以人民为中心，把维护人民权益作为出发点和落脚点，让人民群众在每一个司法案件中感受到公平正义。 法治工作队伍是法治中国建设的骨干力量，要坚持以人民为中心，把维护人民权益作为出发点和落脚点，让人民群众在每一个司法案件中感受到公平正义。 法治工作队伍是法治中国建设的骨干力量，要坚持以人民为中心，把维护人民权益作为出发点和落脚点，让人民群众在每一个司法案件中感受到公平正义。 法治工作队伍是法治中国建设的骨干力量，要坚持以人民为中心，把维护人民权益作为出发点和落脚点，让人民群众在每一个司法案件中感受到公平正义。 法治工作队伍是法治中国建设的骨干力量，要坚持以人民为中心，把维护人民权益作为出发点和落脚点，让人民群众在每一个司法案件中感受到公平正义。 法治工作队伍是法治中国建设的骨干力量，要坚持以人民为中心，把维护人民权益作为出发点和落脚点，让人民群众在每一个司法案件中感受到公平正义。 法治工作队伍是法治中国建设的骨干力量，要坚持以人民为中心，把维护人民权益作为出发点和落脚点，让人民群众在每一个司法案件中感受到公平正义。 法治工作队伍是法治中国建设的骨干力量，要坚持以人民为中心，把维护人民权益作为出发点和落脚点，让人民群众在每一个司法案件中感受到公平正义。
法律职业伦理是法律职业人员在职业活动中应当遵循的伦理道德规范。习近平总书记指出，全面推进依法治国，必须着力建设一支忠于党、忠于国家、忠于人民、忠于法律的社会主义法治工作队伍。 法律职业伦理是法律职业人员在职业活动中应当遵循的伦理道德规范。习近平总书记指出，全面推进依法治国，必须着力建设一支忠于党、忠于国家、忠于人民、忠于法律的社会主义法治工作队伍。 法律职业伦理是法律职业人员在职业活动中应当遵循的伦理道德规范。习近平总书记指出，全面推进依法治国，必须着力建设一支忠于党、忠于国家、忠于人民、忠于法律的社会主义法治工作队伍。 法律职业伦理是法律职业人员在职业活动中应当遵循的伦理道德规范。习近平总书记指出，全面推进依法治国，必须着力建设一支忠于党、忠于国家、忠于人民、忠于法律的社会主义法治工作队伍。 法律职业伦理是法律职业人员在职业活动中应当遵循的伦理道德规范。习近平总书记指出，全面推进依法治国，必须着力建设一支忠于党、忠于国家、忠于人民、忠于法律的社会主义法治工作队伍。 法律职业伦理是法律职业人员在职业活动中应当遵循的伦理道德规范。习近平总书记指出，全面推进依法治国，必须着力建设一支忠于党、忠于国家、忠于人民、忠于法律的社会主义法治工作队伍。 法律职业伦理是法律职业人员在职业活动中应当遵循的伦理道德规范。习近平总书记指出，全面推进依法治国，必须着力建设一支忠于党、忠于国家、忠于人民、忠于法律的社会主义法治工作队伍。 法律职业伦理是法律职业人员在职业活动中应当遵循的伦理道德规范。习近平总书记指出，全面推进依法治国，必须着力建设一支忠于党、忠于国家、忠于人民、忠于法律的社会主义法治工作队伍。 法律职业伦理是法律职业人员在职业活动中应当遵循的伦理道德规范。习近平总书记指出，全面推进依法治国，必须着力建设一支忠于党、忠于国家、忠于人民、忠于法律的社会主义法治工作队伍。 法律职业伦理是法律职业人员在职业活动中应当遵循的伦理道德规范。习近平总书记指出，全面推进依法治国，必须着力建设一支忠于党、忠于国家、忠于人民、忠于法律的社会主义法治工作队伍。 法律职业伦理是法律职业人员在职业活动中应当遵循的伦理道德规范。习近平总书记指出，全面推进依法治国，必须着力建设一支忠于党、忠于国家、忠于人民、忠于法律的社会主义法治工作队伍。 法律职业伦理是法律职业人员在职业活动中应当遵循的伦理道德规范。习
作者单位：中共宜昌市委党校
（作者单位：宜昌市委党校） （作者单位：宜昌市委党校） （作者单位：宜昌市委党校） （作者单位：宜昌市委党校） （作者单位：宜昌市委党校） （作者单位：宜昌市委党校） （作者单位：宜昌市委党校）
红色文化资源如何融入干部教育培训
王瑞娟
加强法律职业伦理建设，是全面依法治国的基础性工作，要坚持把习近平法治思想作为根本遵循，推动法治工作队伍思想政治素质、业务工作能力、职业道德水准全面提高。 加强法律职业伦理建设，是全面依法治国的基础性工作，要坚持把习近平法治思想作为根本遵循，推动法治工作队伍思想政治素质、业务工作能力、职业道德水准全面提高。 加强法律职业伦理建设，是全面依法治国的基础性工作，要坚持把习近平法治思想作为根本遵循，推动法治工作队伍思想政治素质、业务工作能力、职业道德水准全面提高。 加强法律职业伦理建设，是全面依法治国的基础性工作，要坚持把习近平法治思想作为根本遵循，推动法治工作队伍思想政治素质、业务工作能力、职业道德水准全面提高。 加强法律职业伦理建设，是全面依法治国的基础性工作，要坚持把习近平法治思想作为根本遵循，推动法治工作队伍思想政治素质、业务工作能力、职业道德水准全面提高。 加强法律职业伦理建设，是全面依法治国的基础性工作，要坚持把习近平法治思想作为根本遵循，推动法治工作队伍思想政治素质、业务工作能力、职业道德水准全面提高。 加强法律职业伦理建设，是全面依法治国的基础性工作，要坚持把习近平法治思想作为根本遵循，推动法治工作队伍思想政治素质、业务工作能力、职业道德水准全面提高。 加强法律职业伦理建设，是全面依法治国的基础性工作，要坚持把习近平法治思想作为根本遵循，推动法治工作队伍思想政治素质、业务工作能力、职业道德水准全面提高。 加强法律职业伦理建设，是全面依法治国的基础性工作，要坚持把习近平法治思想作为根本遵循，推动法治工作队伍思想政治素质、业务工作能力、职业道德水准全面提高。 加强法律职业伦理建设，是全面依法治国的基础性工作，要坚持把习近平法治思想作为根本遵循，推动法治工作队伍思想政治素质、业务工作能力、职业道德水准全面提高。 加强法律职业伦理建设，是全面依法治国的基础性工作，要坚持把习近平法治思想作为根本遵循，推动法治工作队伍思想政治素质、业务工作能力、职业道德水准全面提高。 加强法律职业伦理建设，是全面依法治国的基础性工作，要坚持把习近平法治思想作为根本遵循，推动法治工作队伍思想政治素质、业务工作能力、职业道德水准全面提高。
法治工作队伍是法治中国建设的骨干力量，要坚持以人民为中心，把维护人民权益作为出发点和落脚点，让人民群众在每一个司法案件中感受到公平正义。 法治工作队伍是法治中国建设的骨干力量，要坚持以人民为中心，把维护人民权益作为出发点和落脚点，让人民群众在每一个司法案件中感受到公平正义。 法治工作队伍是法治中国建设的骨干力量，要坚持以人民为中心，把维护人民权益作为出发点和落脚点，让人民群众在每一个司法案件中感受到公平正义。 法治工作队伍是法治中国建设的骨干力量，要坚持以人民为中心，把维护人民权益作为出发点和落脚点，让人民群众在每一个司法案件中感受到公平正义。 法治工作队伍是法治中国建设的骨干力量，要坚持以人民为中心，把维护人民权益作为出发点和落脚点，让人民群众在每一个司法案件中感受到公平正义。 法治工作队伍是法治中国建设的骨干力量，要坚持以人民为中心，把维护人民权益作为出发点和落脚点，让人民群众在每一个司法案件中感受到公平正义。 法治工作队伍是法治中国建设的骨干力量，要坚持以人民为中心，把维护人民权益作为出发点和落脚点，让人民群众在每一个司法案件中感受到公平正义。 法治工作队伍是法治中国建设的骨干力量，要坚持以人民为中心，把维护人民权益作为出发点和落脚点，让人民群众在每一个司法案件中感受到公平正义。 法治工作队伍是法治中国建设的骨干力量，要坚持以人民为中心，把维护人民权益作为出发点和落脚点，让人民群众在每一个司法案件中感受到公平正义。 法治工作队伍是法治中国建设的骨干力量，要坚持以人民为中心，把维护人民权益作为出发点和落脚点，让人民群众在每一个司法案件中感受到公平正义。 法治工作队伍是法治中国建设的骨干力量，要坚持以人民为中心，把维护人民权益作为出发点和落脚点，让人民群众在每一个司法案件中感受到公平正义。 法治工作队伍是法治中国建设的骨干力量，要坚持以人民为中心，把维护人民权益作为出发点和落脚点，让人民群众在每一个司法案件中感受到公平正义。
（作者单位：中共宜昌市委党校） （作者单位：中共宜昌市委党校） （作者单位：中共宜昌市委党校） （作者单位：中共宜昌市委党校） （作者单位：中共宜昌市委党校） （作者单位：中共宜昌市委党校）
调查与研究
